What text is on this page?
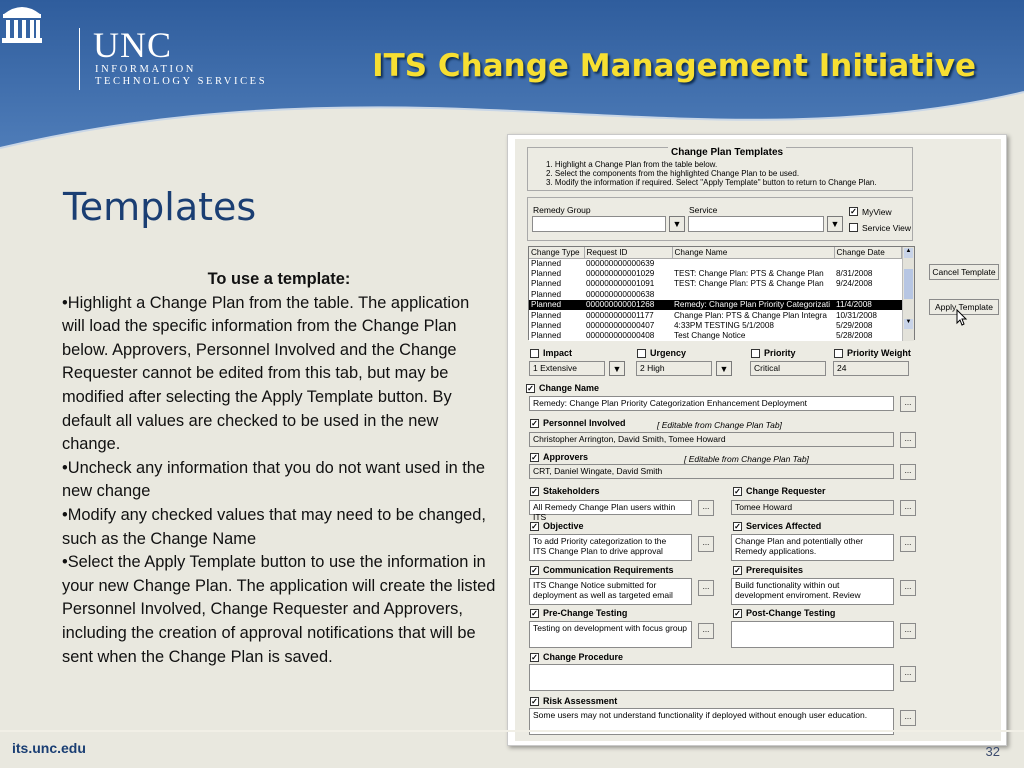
UNC
INFORMATION
TECHNOLOGY SERVICES	ITS Change Management Initiative
Templates
To use a template:

•Highlight a Change Plan from the table. The application will load the specific information from the Change Plan below. Approvers, Personnel Involved and the Change Requester cannot be edited from this tab, but may be modified after selecting the Apply Template button. By default all values are checked to be used in the new change.

•Uncheck any information that you do not want used in the new change

•Modify any checked values that may need to be changed, such as the Change Name

•Select the Apply Template button to use the information in your new Change Plan. The application will create the listed Personnel Involved, Change Requester and Approvers, including the creation of approval notifications that will be sent when the Change Plan is saved.

Change Plan Templates
1. Highlight a Change Plan from the table below.
2. Select the components from the highlighted Change Plan to be used.
3. Modify the information if required. Select "Apply Template" button to return to Change Plan.
Remedy Group
▼
Service
▼
✓ MyView
Service View
Change Type	Request ID	Change Name	Change Date
Planned	000000000000639		
Planned	000000000001029	TEST: Change Plan: PTS & Change Plan	8/31/2008
Planned	000000000001091	TEST: Change Plan: PTS & Change Plan	9/24/2008
Planned	000000000000638		
Planned	000000000001268	Remedy: Change Plan Priority Categorizati	11/4/2008
Planned	000000000001177	Change Plan: PTS & Change Plan Integra	10/31/2008
Planned	000000000000407	4:33PM TESTING 5/1/2008	5/29/2008
Planned	000000000000408	Test Change Notice	5/28/2008
▲
▼
Cancel Template
Apply Template
Impact
1 Extensive	▼
Urgency
2 High	▼
Priority
Critical
Priority Weight
24
✓ Change Name
Remedy: Change Plan Priority Categorization Enhancement Deployment	...
✓ Personnel Involved	[ Editable from Change Plan Tab]
Christopher Arrington, David Smith, Tomee Howard	...
✓ Approvers	[ Editable from Change Plan Tab]
CRT, Daniel Wingate, David Smith	...
✓ Stakeholders
All Remedy Change Plan users within ITS
...
✓ Change Requester
Tomee Howard	...
✓ Objective
To add Priority categorization to the
ITS Change Plan to drive approval
...
✓ Services Affected
Change Plan and potentially other
Remedy applications.
...
✓ Communication Requirements
ITS Change Notice submitted for
deployment as well as targeted email
...
✓ Prerequisites
Build functionality within out
development enviroment. Review
...
✓ Pre-Change Testing
Testing on development with focus group	...
✓ Post-Change Testing
...
✓ Change Procedure
...
✓ Risk Assessment
Some users may not understand functionality if deployed without enough user education.	...
its.unc.edu	32
